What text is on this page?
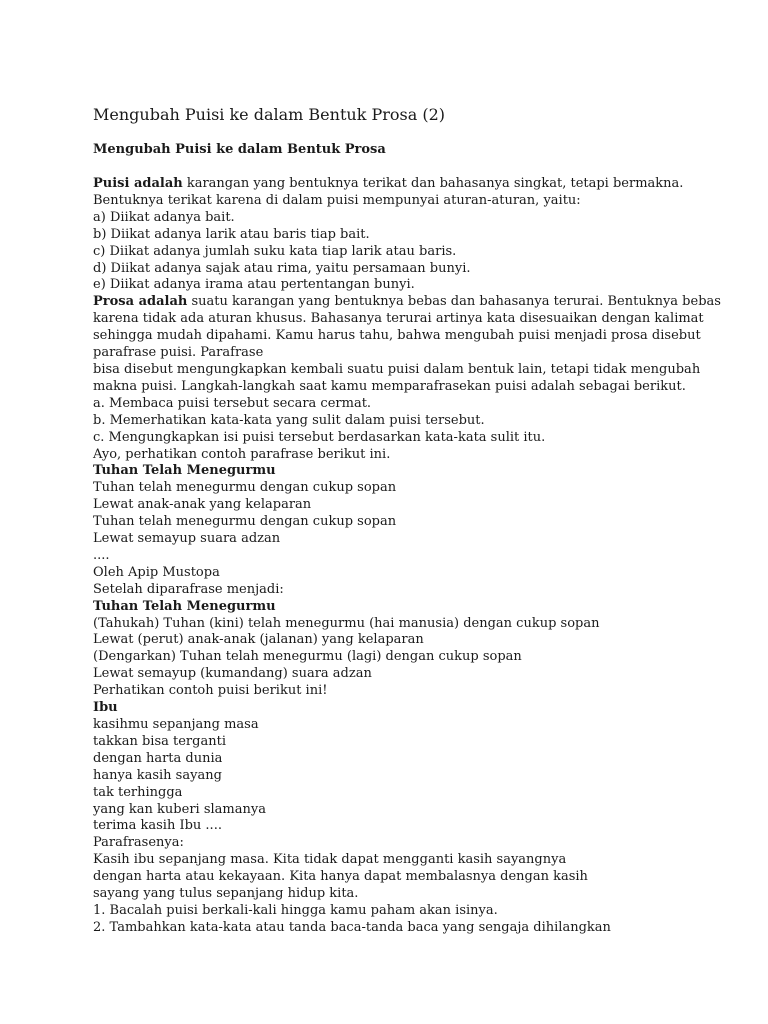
Mengubah Puisi ke dalam Bentuk Prosa (2)
Mengubah Puisi ke dalam Bentuk Prosa
Puisi adalah karangan yang bentuknya terikat dan bahasanya singkat, tetapi bermakna.
Bentuknya terikat karena di dalam puisi mempunyai aturan-aturan, yaitu:
a) Diikat adanya bait.
b) Diikat adanya larik atau baris tiap bait.
c) Diikat adanya jumlah suku kata tiap larik atau baris.
d) Diikat adanya sajak atau rima, yaitu persamaan bunyi.
e) Diikat adanya irama atau pertentangan bunyi.
Prosa adalah suatu karangan yang bentuknya bebas dan bahasanya terurai. Bentuknya bebas
karena tidak ada aturan khusus. Bahasanya terurai artinya kata disesuaikan dengan kalimat
sehingga mudah dipahami. Kamu harus tahu, bahwa mengubah puisi menjadi prosa disebut
parafrase puisi. Parafrase
bisa disebut mengungkapkan kembali suatu puisi dalam bentuk lain, tetapi tidak mengubah
makna puisi. Langkah-langkah saat kamu memparafrasekan puisi adalah sebagai berikut.
a. Membaca puisi tersebut secara cermat.
b. Memerhatikan kata-kata yang sulit dalam puisi tersebut.
c. Mengungkapkan isi puisi tersebut berdasarkan kata-kata sulit itu.
Ayo, perhatikan contoh parafrase berikut ini.
Tuhan Telah Menegurmu
Tuhan telah menegurmu dengan cukup sopan
Lewat anak-anak yang kelaparan
Tuhan telah menegurmu dengan cukup sopan
Lewat semayup suara adzan
....
Oleh Apip Mustopa
Setelah diparafrase menjadi:
Tuhan Telah Menegurmu
(Tahukah) Tuhan (kini) telah menegurmu (hai manusia) dengan cukup sopan
Lewat (perut) anak-anak (jalanan) yang kelaparan
(Dengarkan) Tuhan telah menegurmu (lagi) dengan cukup sopan
Lewat semayup (kumandang) suara adzan
Perhatikan contoh puisi berikut ini!
Ibu
kasihmu sepanjang masa
takkan bisa terganti
dengan harta dunia
hanya kasih sayang
tak terhingga
yang kan kuberi slamanya
terima kasih Ibu ....
Parafrasenya:
Kasih ibu sepanjang masa. Kita tidak dapat mengganti kasih sayangnya
dengan harta atau kekayaan. Kita hanya dapat membalasnya dengan kasih
sayang yang tulus sepanjang hidup kita.
1. Bacalah puisi berkali-kali hingga kamu paham akan isinya.
2. Tambahkan kata-kata atau tanda baca-tanda baca yang sengaja dihilangkan
